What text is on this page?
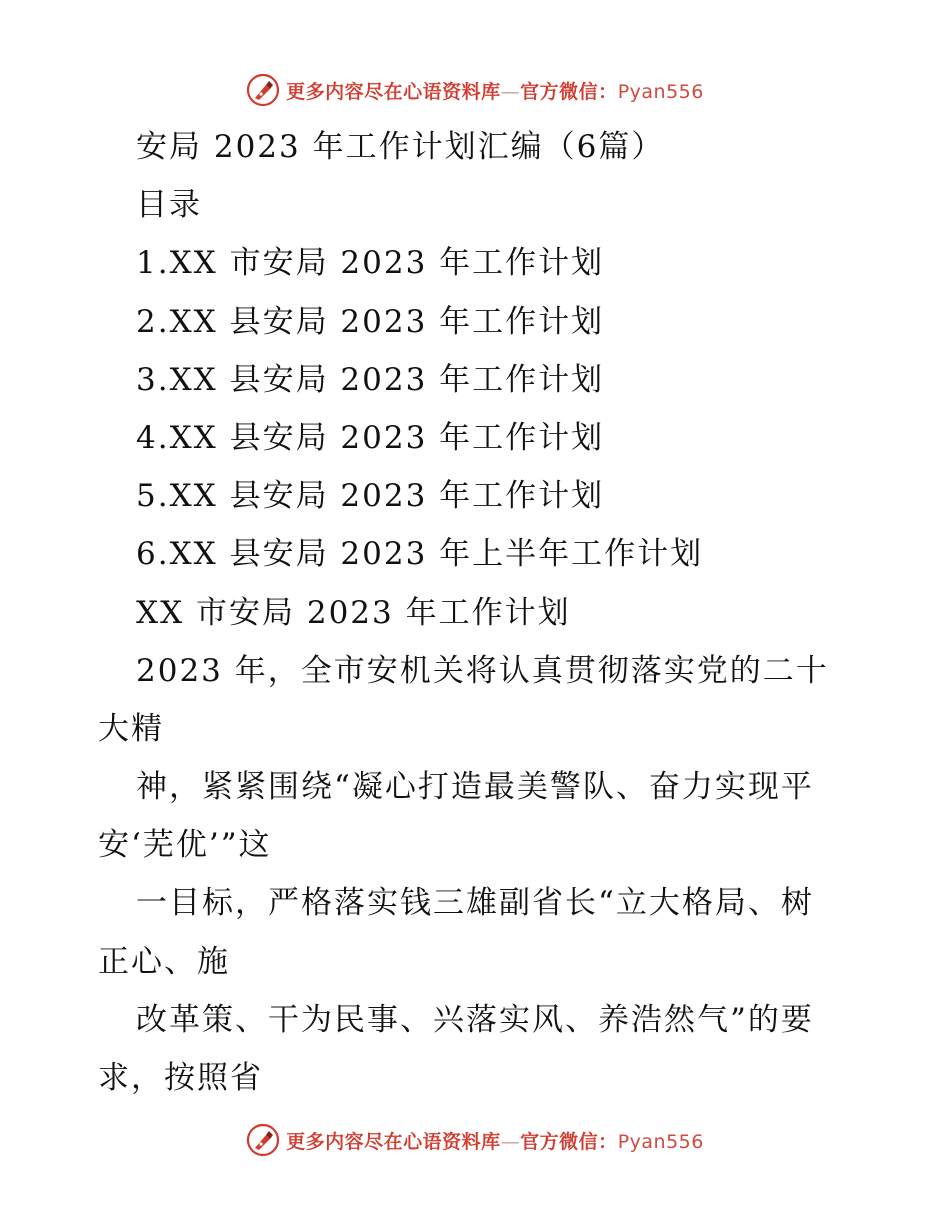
更多内容尽在心语资料库—官方微信：Pyan556
安局 2023 年工作计划汇编（6篇）
目录
1.XX 市安局 2023 年工作计划
2.XX 县安局 2023 年工作计划
3.XX 县安局 2023 年工作计划
4.XX 县安局 2023 年工作计划
5.XX 县安局 2023 年工作计划
6.XX 县安局 2023 年上半年工作计划
XX 市安局 2023 年工作计划
2023 年，全市安机关将认真贯彻落实党的二十
大精
神，紧紧围绕“凝心打造最美警队、奋力实现平
安‘芜优’”这
一目标，严格落实钱三雄副省长“立大格局、树
正心、施
改革策、干为民事、兴落实风、养浩然气”的要
求，按照省
更多内容尽在心语资料库—官方微信：Pyan556
